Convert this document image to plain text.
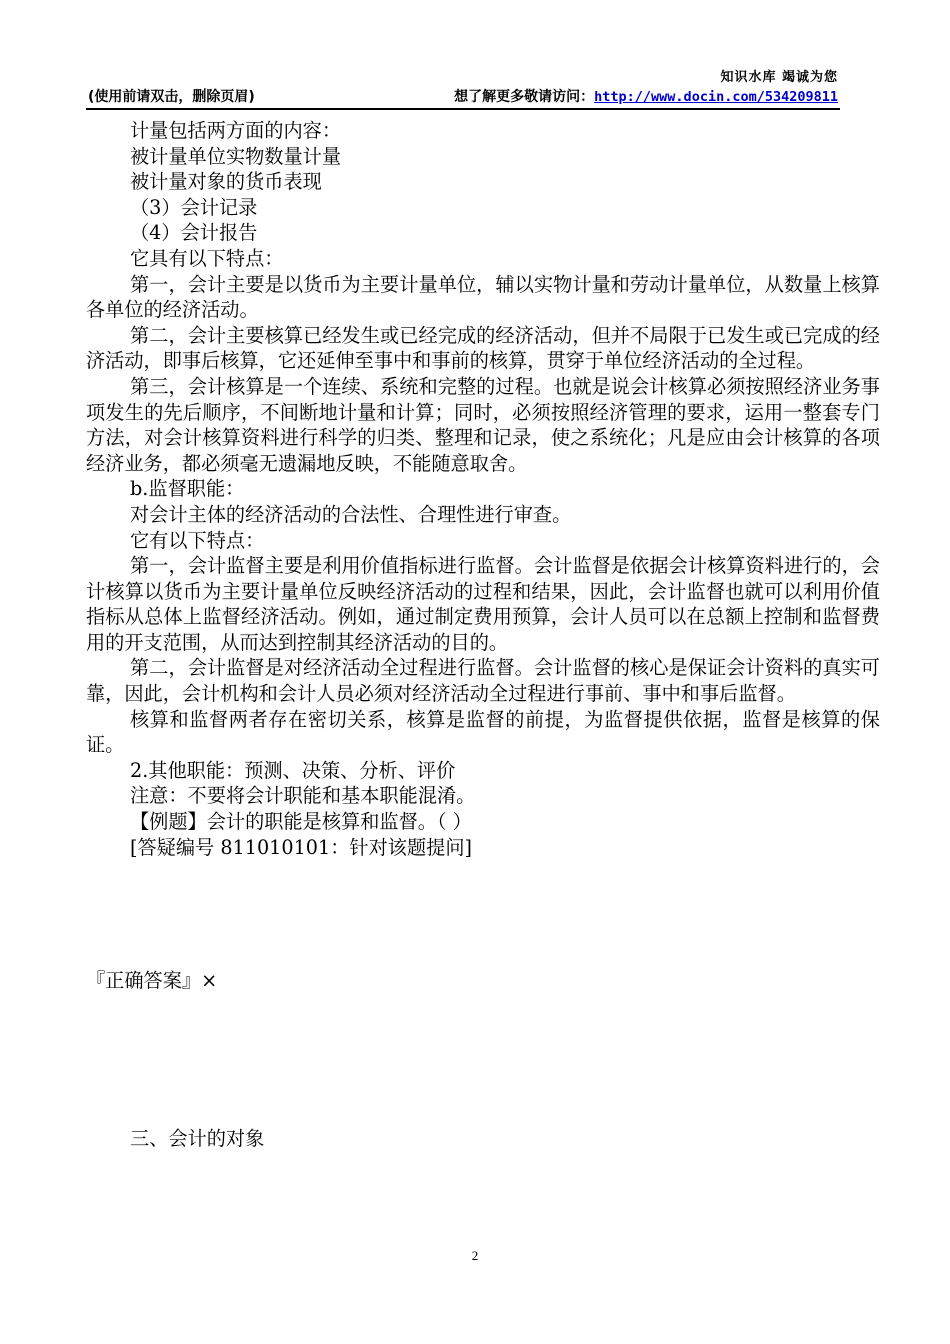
知识水库 竭诚为您
(使用前请双击，删除页眉)	想了解更多敬请访问：http://www.docin.com/534209811

计量包括两方面的内容：

被计量单位实物数量计量

被计量对象的货币表现

（3）会计记录

（4）会计报告

它具有以下特点：

第一，会计主要是以货币为主要计量单位，辅以实物计量和劳动计量单位，从数量上核算各单位的经济活动。

第二，会计主要核算已经发生或已经完成的经济活动，但并不局限于已发生或已完成的经济活动，即事后核算，它还延伸至事中和事前的核算，贯穿于单位经济活动的全过程。

第三，会计核算是一个连续、系统和完整的过程。也就是说会计核算必须按照经济业务事项发生的先后顺序，不间断地计量和计算；同时，必须按照经济管理的要求，运用一整套专门方法，对会计核算资料进行科学的归类、整理和记录，使之系统化；凡是应由会计核算的各项经济业务，都必须毫无遗漏地反映，不能随意取舍。

b.监督职能：

对会计主体的经济活动的合法性、合理性进行审查。

它有以下特点：

第一，会计监督主要是利用价值指标进行监督。会计监督是依据会计核算资料进行的，会计核算以货币为主要计量单位反映经济活动的过程和结果，因此，会计监督也就可以利用价值指标从总体上监督经济活动。例如，通过制定费用预算，会计人员可以在总额上控制和监督费用的开支范围，从而达到控制其经济活动的目的。

第二，会计监督是对经济活动全过程进行监督。会计监督的核心是保证会计资料的真实可靠，因此，会计机构和会计人员必须对经济活动全过程进行事前、事中和事后监督。

核算和监督两者存在密切关系，核算是监督的前提，为监督提供依据，监督是核算的保证。

2.其他职能：预测、决策、分析、评价

注意：不要将会计职能和基本职能混淆。

【例题】会计的职能是核算和监督。（ ）

[答疑编号 811010101：针对该题提问]

『正确答案』×

三、会计的对象

2
